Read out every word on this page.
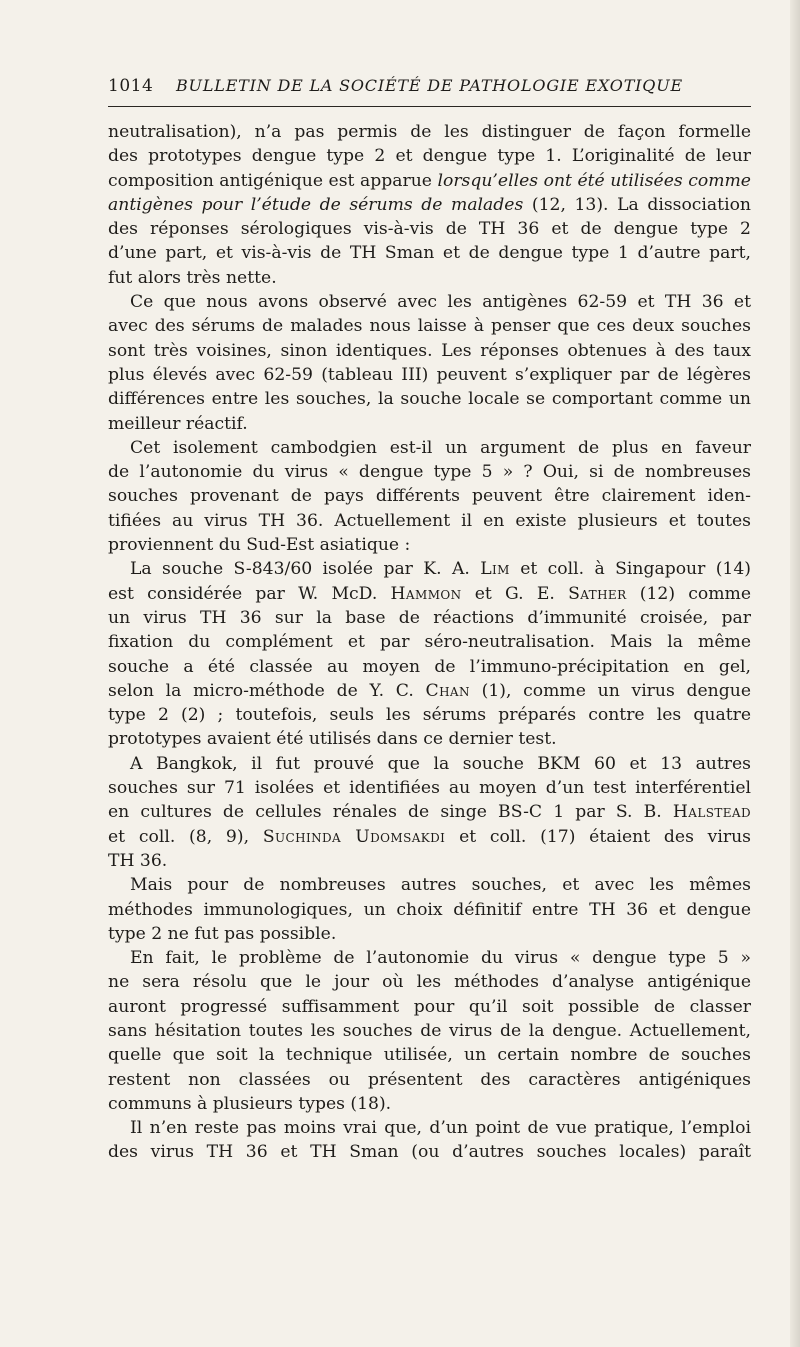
1014 BULLETIN DE LA SOCIÉTÉ DE PATHOLOGIE EXOTIQUE
neutralisation), n’a pas permis de les distinguer de façon formelle
des prototypes dengue type 2 et dengue type 1. L’originalité de leur
composition antigénique est apparue lorsqu’elles ont été utilisées comme
antigènes pour l’étude de sérums de malades (12, 13). La dissociation
des réponses sérologiques vis-à-vis de TH 36 et de dengue type 2
d’une part, et vis-à-vis de TH Sman et de dengue type 1 d’autre part,
fut alors très nette.
Ce que nous avons observé avec les antigènes 62-59 et TH 36 et
avec des sérums de malades nous laisse à penser que ces deux souches
sont très voisines, sinon identiques. Les réponses obtenues à des taux
plus élevés avec 62-59 (tableau III) peuvent s’expliquer par de légères
différences entre les souches, la souche locale se comportant comme un
meilleur réactif.
Cet isolement cambodgien est-il un argument de plus en faveur
de l’autonomie du virus « dengue type 5 » ? Oui, si de nombreuses
souches provenant de pays différents peuvent être clairement iden-
tifiées au virus TH 36. Actuellement il en existe plusieurs et toutes
proviennent du Sud-Est asiatique :
La souche S-843/60 isolée par K. A. Lim et coll. à Singapour (14)
est considérée par W. McD. Hammon et G. E. Sather (12) comme
un virus TH 36 sur la base de réactions d’immunité croisée, par
fixation du complément et par séro-neutralisation. Mais la même
souche a été classée au moyen de l’immuno-précipitation en gel,
selon la micro-méthode de Y. C. Chan (1), comme un virus dengue
type 2 (2) ; toutefois, seuls les sérums préparés contre les quatre
prototypes avaient été utilisés dans ce dernier test.
A Bangkok, il fut prouvé que la souche BKM 60 et 13 autres
souches sur 71 isolées et identifiées au moyen d’un test interférentiel
en cultures de cellules rénales de singe BS-C 1 par S. B. Halstead
et coll. (8, 9), Suchinda Udomsakdi et coll. (17) étaient des virus
TH 36.
Mais pour de nombreuses autres souches, et avec les mêmes
méthodes immunologiques, un choix définitif entre TH 36 et dengue
type 2 ne fut pas possible.
En fait, le problème de l’autonomie du virus « dengue type 5 »
ne sera résolu que le jour où les méthodes d’analyse antigénique
auront progressé suffisamment pour qu’il soit possible de classer
sans hésitation toutes les souches de virus de la dengue. Actuellement,
quelle que soit la technique utilisée, un certain nombre de souches
restent non classées ou présentent des caractères antigéniques
communs à plusieurs types (18).
Il n’en reste pas moins vrai que, d’un point de vue pratique, l’emploi
des virus TH 36 et TH Sman (ou d’autres souches locales) paraît
